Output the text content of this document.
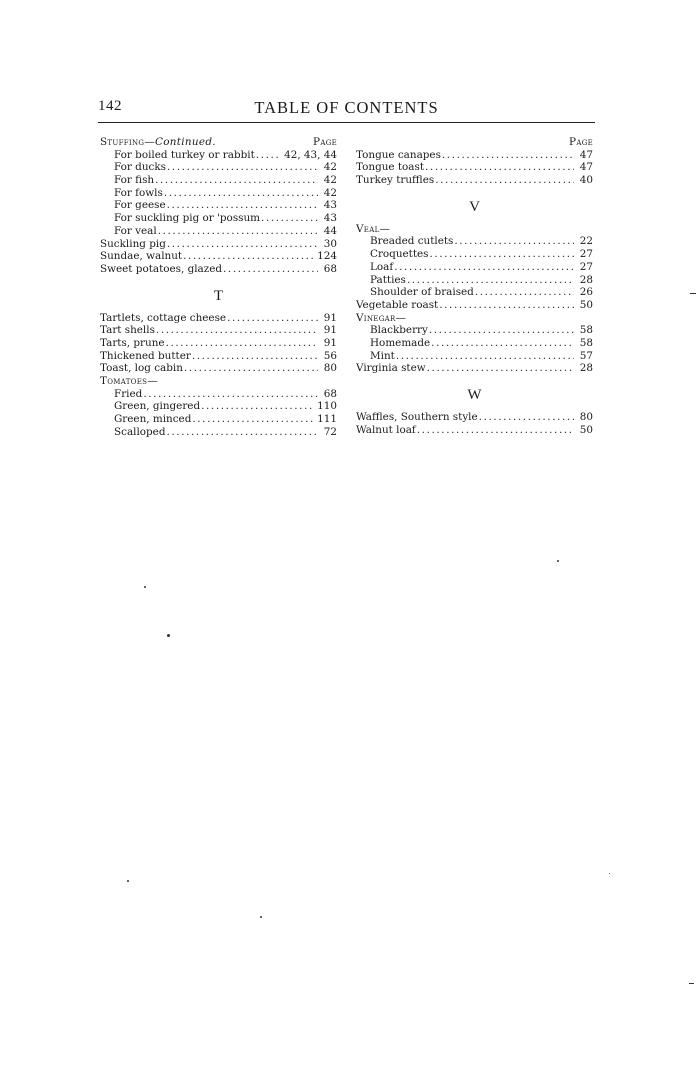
142	TABLE OF CONTENTS
Stuffing—Continued.	Page
For boiled turkey or rabbit .....	42, 43, 44
For ducks .....	42
For fish .....	42
For fowls .....	42
For geese .....	43
For suckling pig or 'possum .....	43
For veal .....	44
Suckling pig .....	30
Sundae, walnut .....	124
Sweet potatoes, glazed .....	68
T
Tartlets, cottage cheese .....	91
Tart shells .....	91
Tarts, prune .....	91
Thickened butter .....	56
Toast, log cabin .....	80
Tomatoes—
Fried .....	68
Green, gingered .....	110
Green, minced .....	111
Scalloped .....	72
Page
Tongue canapes .....	47
Tongue toast .....	47
Turkey truffles .....	40
V
Veal—
Breaded cutlets .....	22
Croquettes .....	27
Loaf .....	27
Patties .....	28
Shoulder of braised .....	26
Vegetable roast .....	50
Vinegar—
Blackberry .....	58
Homemade .....	58
Mint .....	57
Virginia stew .....	28
W
Waffles, Southern style .....	80
Walnut loaf .....	50
